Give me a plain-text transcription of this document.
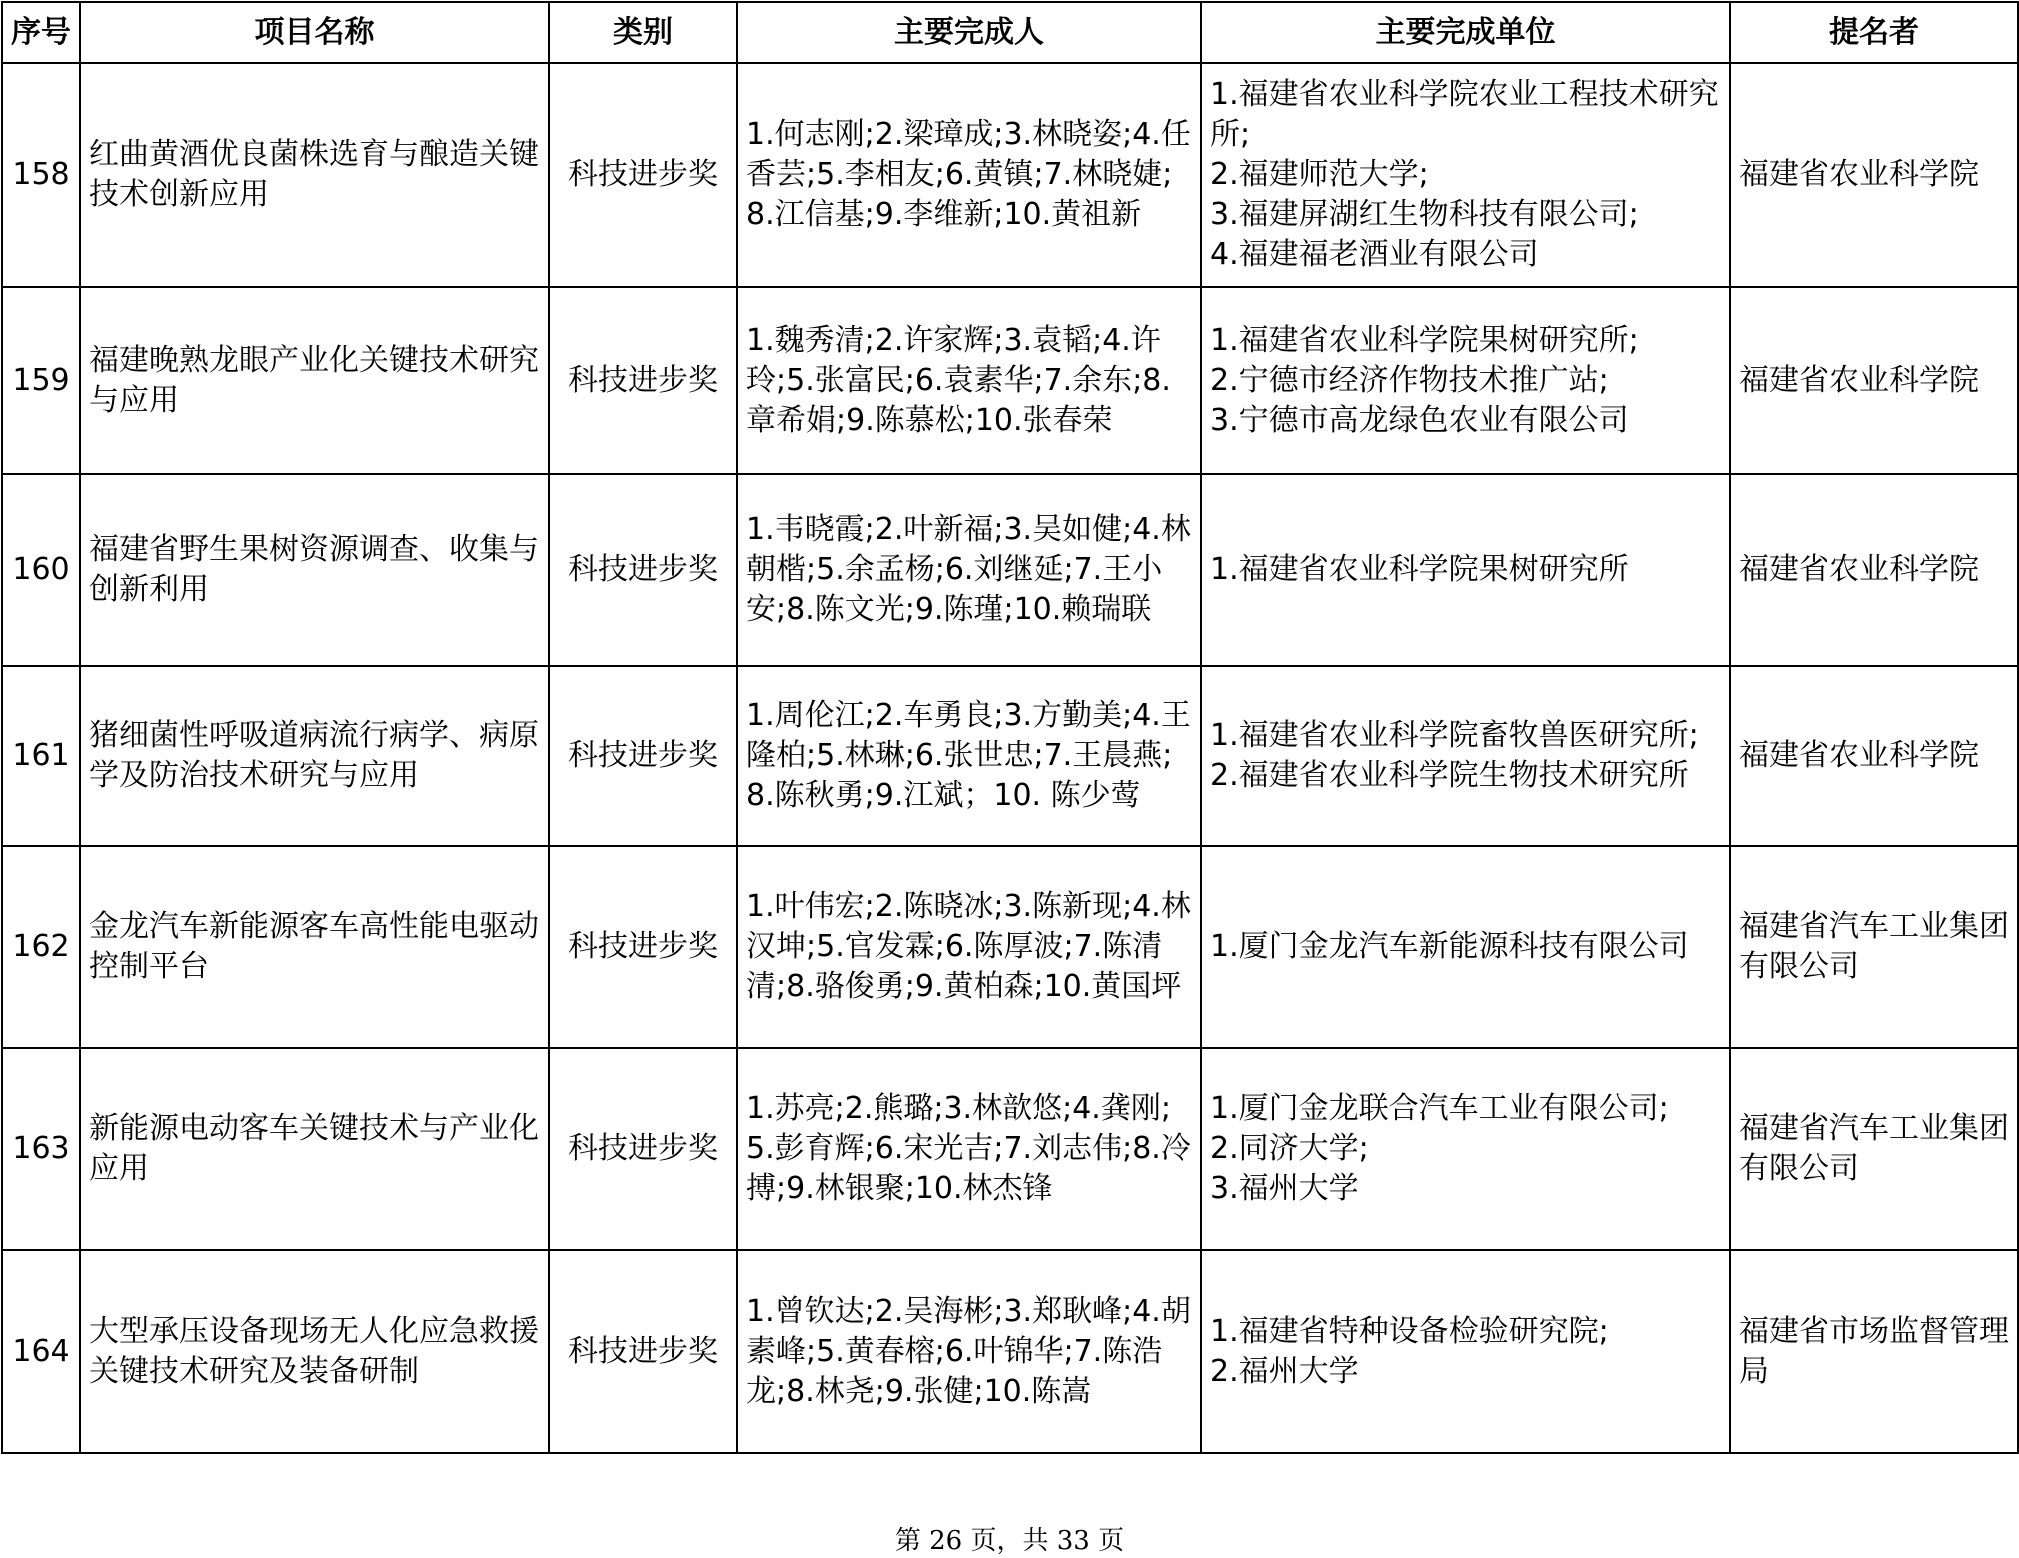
序号	项目名称	类别	主要完成人	主要完成单位	提名者
158	红曲黄酒优良菌株选育与酿造关键技术创新应用	科技进步奖	1.何志刚;2.梁璋成;3.林晓姿;4.任香芸;5.李相友;6.黄镇;7.林晓婕;8.江信基;9.李维新;10.黄祖新	1.福建省农业科学院农业工程技术研究所;
2.福建师范大学;
3.福建屏湖红生物科技有限公司;
4.福建福老酒业有限公司	福建省农业科学院
159	福建晚熟龙眼产业化关键技术研究与应用	科技进步奖	1.魏秀清;2.许家辉;3.袁韬;4.许玲;5.张富民;6.袁素华;7.余东;8.章希娟;9.陈慕松;10.张春荣	1.福建省农业科学院果树研究所;
2.宁德市经济作物技术推广站;
3.宁德市高龙绿色农业有限公司	福建省农业科学院
160	福建省野生果树资源调查、收集与创新利用	科技进步奖	1.韦晓霞;2.叶新福;3.吴如健;4.林朝楷;5.余孟杨;6.刘继延;7.王小安;8.陈文光;9.陈瑾;10.赖瑞联	1.福建省农业科学院果树研究所	福建省农业科学院
161	猪细菌性呼吸道病流行病学、病原学及防治技术研究与应用	科技进步奖	1.周伦江;2.车勇良;3.方勤美;4.王隆柏;5.林琳;6.张世忠;7.王晨燕;8.陈秋勇;9.江斌；10. 陈少莺	1.福建省农业科学院畜牧兽医研究所;
2.福建省农业科学院生物技术研究所	福建省农业科学院
162	金龙汽车新能源客车高性能电驱动控制平台	科技进步奖	1.叶伟宏;2.陈晓冰;3.陈新现;4.林汉坤;5.官发霖;6.陈厚波;7.陈清清;8.骆俊勇;9.黄柏森;10.黄国坪	1.厦门金龙汽车新能源科技有限公司	福建省汽车工业集团有限公司
163	新能源电动客车关键技术与产业化应用	科技进步奖	1.苏亮;2.熊璐;3.林歆悠;4.龚刚;5.彭育辉;6.宋光吉;7.刘志伟;8.冷搏;9.林银聚;10.林杰锋	1.厦门金龙联合汽车工业有限公司;
2.同济大学;
3.福州大学	福建省汽车工业集团有限公司
164	大型承压设备现场无人化应急救援关键技术研究及装备研制	科技进步奖	1.曾钦达;2.吴海彬;3.郑耿峰;4.胡素峰;5.黄春榕;6.叶锦华;7.陈浩龙;8.林尧;9.张健;10.陈嵩	1.福建省特种设备检验研究院;
2.福州大学	福建省市场监督管理局
第 26 页，共 33 页
